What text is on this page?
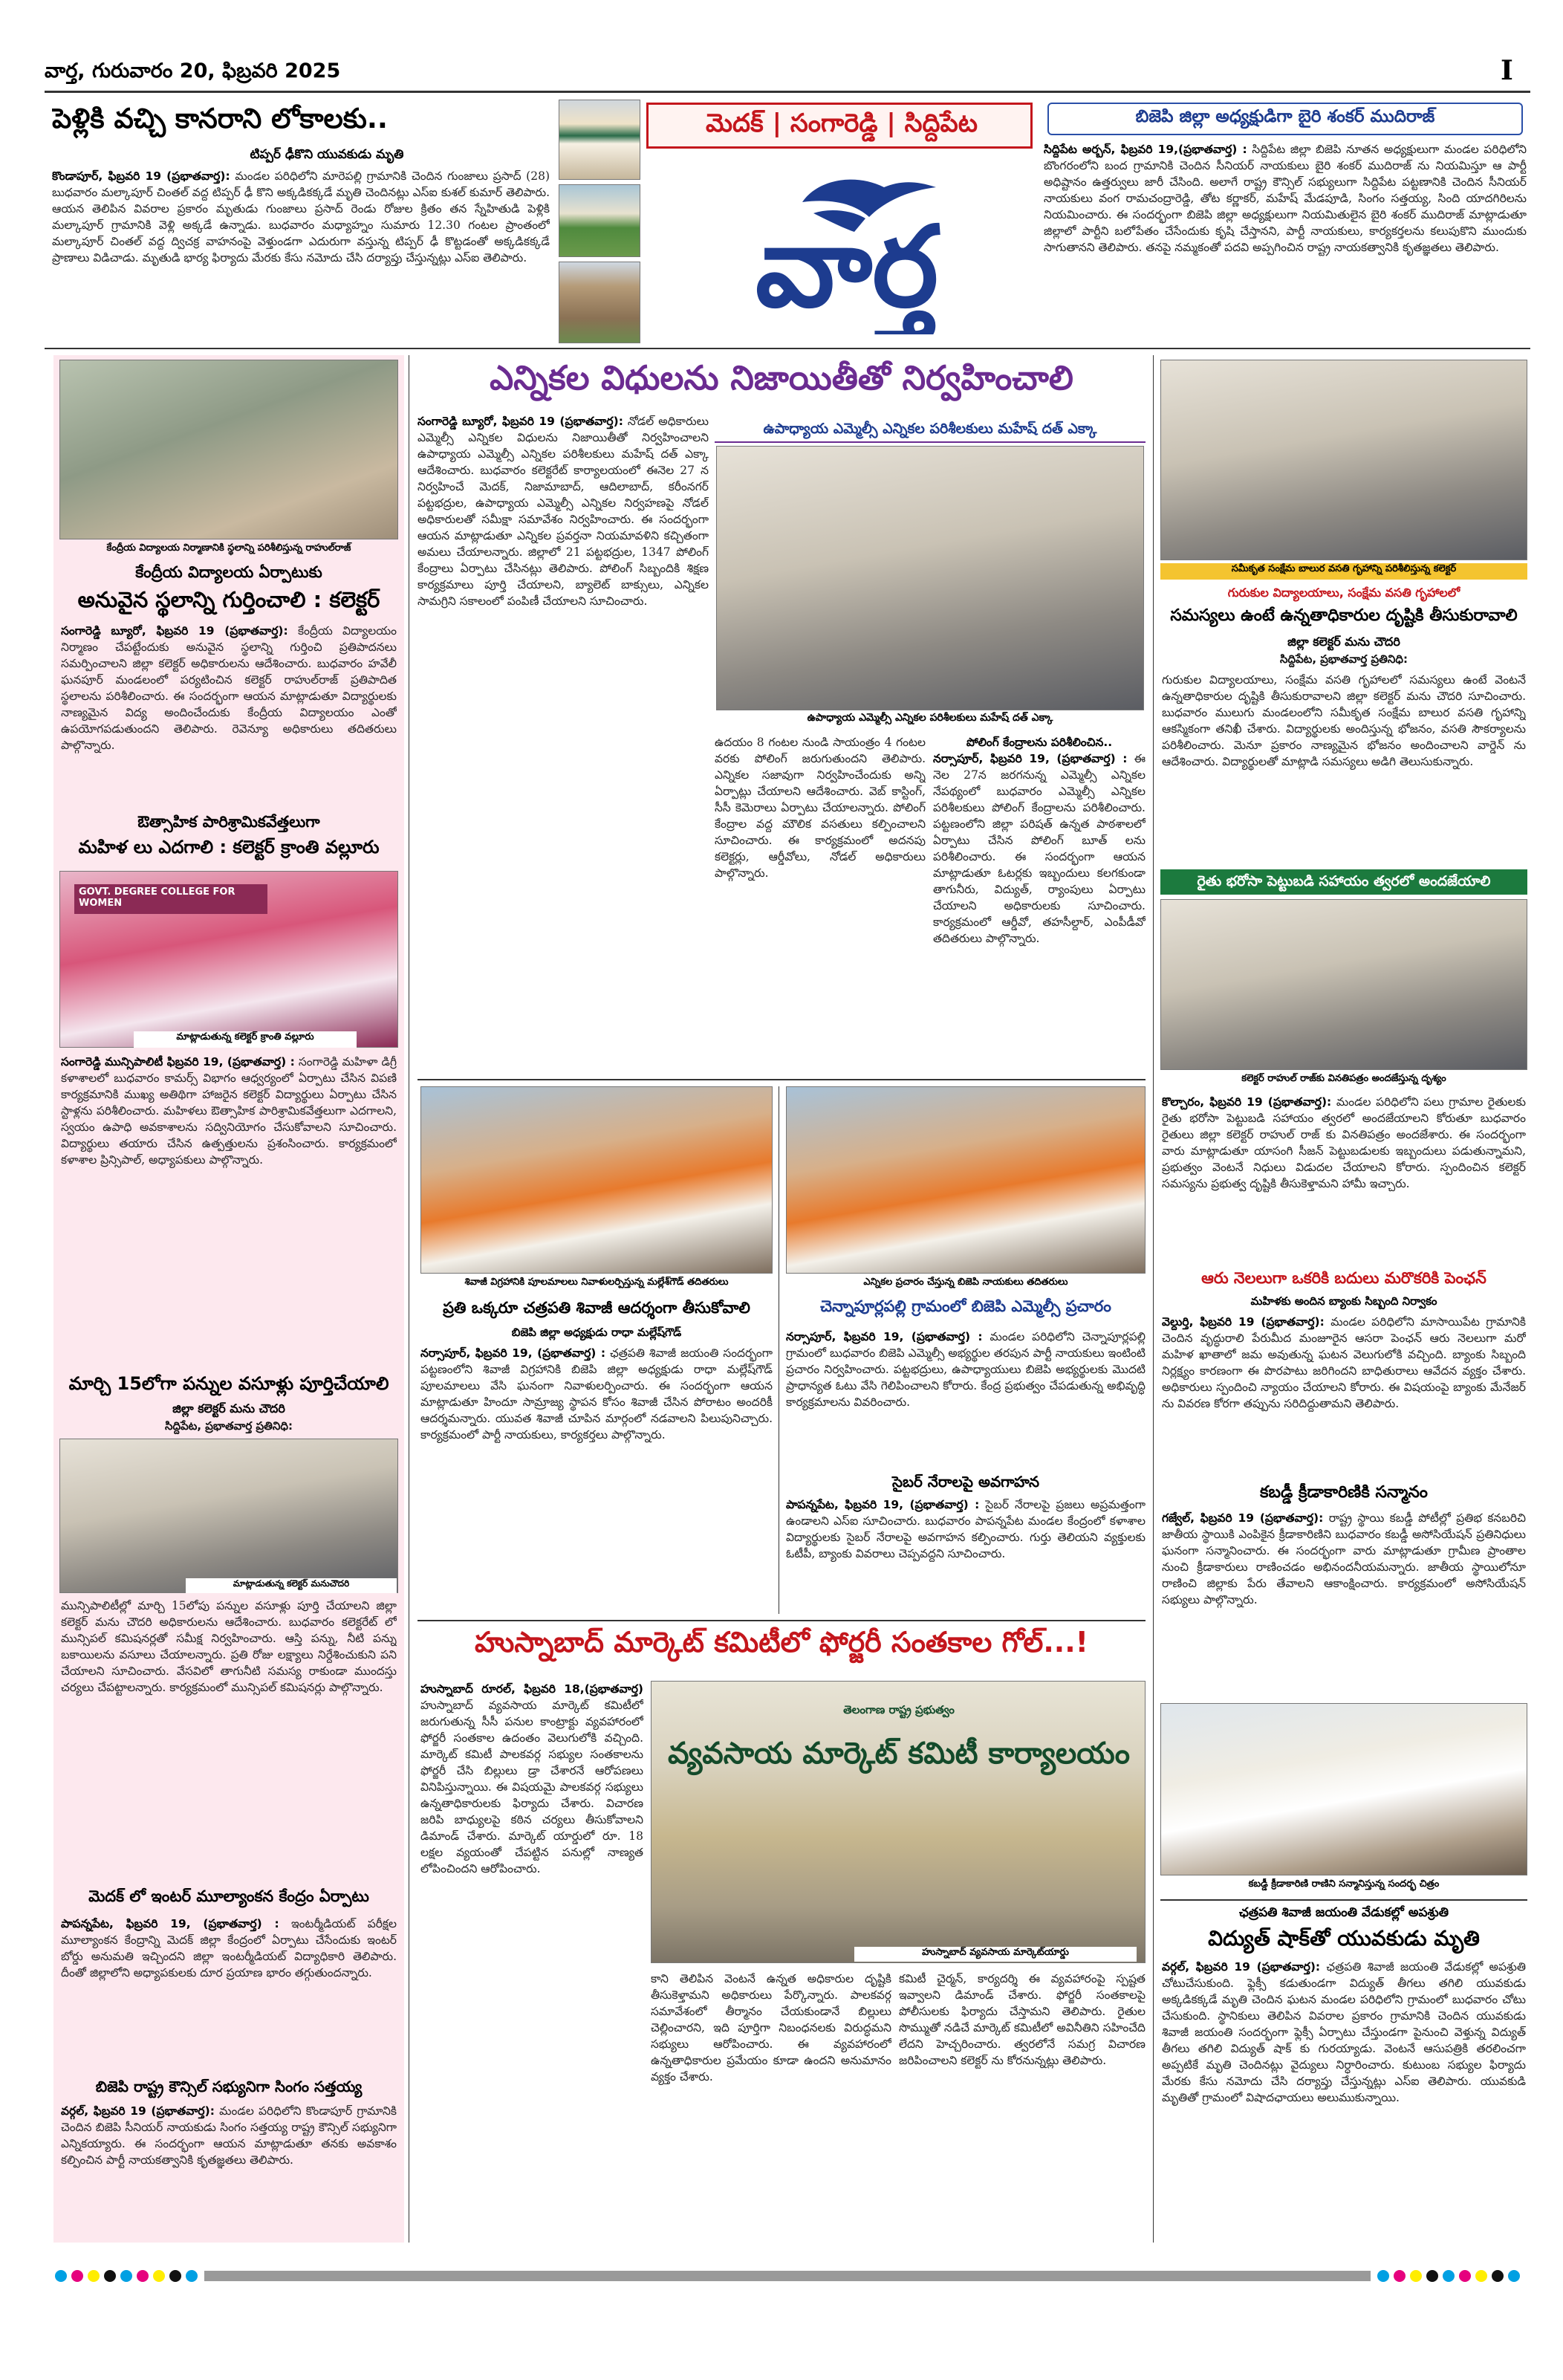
వార్త, గురువారం 20, ఫిబ్రవరి 2025	I
పెళ్లికి వచ్చి కానరాని లోకాలకు..
టిప్పర్ ఢీకొని యువకుడు మృతి
కొండాపూర్, ఫిబ్రవరి 19 (ప్రభాతవార్త): మండల పరిధిలోని మారెపల్లి గ్రామానికి చెందిన గుంజాలు ప్రసాద్ (28) బుధవారం మల్కాపూర్ చింతల్ వద్ద టిప్పర్ ఢీ కొని అక్కడికక్కడే మృతి చెందినట్లు ఎస్ఐ కుశల్ కుమార్ తెలిపారు. ఆయన తెలిపిన వివరాల ప్రకారం మృతుడు గుంజాలు ప్రసాద్ రెండు రోజుల క్రితం తన స్నేహితుడి పెళ్లికి మల్కాపూర్ గ్రామానికి వెళ్లి అక్కడే ఉన్నాడు. బుధవారం మధ్యాహ్నం సుమారు 12.30 గంటల ప్రాంతంలో మల్కాపూర్ చింతల్ వద్ద ద్విచక్ర వాహనంపై వెళ్తుండగా ఎదురుగా వస్తున్న టిప్పర్ ఢీ కొట్టడంతో అక్కడికక్కడే ప్రాణాలు విడిచాడు. మృతుడి భార్య ఫిర్యాదు మేరకు కేసు నమోదు చేసి దర్యాప్తు చేస్తున్నట్లు ఎస్ఐ తెలిపారు.
మెదక్ | సంగారెడ్డి | సిద్దిపేట
వార్త
బిజెపి జిల్లా అధ్యక్షుడిగా బైరి శంకర్ ముదిరాజ్
సిద్దిపేట అర్బన్, ఫిబ్రవరి 19,(ప్రభాతవార్త) : సిద్దిపేట జిల్లా బిజెపి నూతన అధ్యక్షులుగా మండల పరిధిలోని బొంగరంలోని బంద గ్రామానికి చెందిన సీనియర్ నాయకులు బైరి శంకర్ ముదిరాజ్ ను నియమిస్తూ ఆ పార్టీ అధిష్టానం ఉత్తర్వులు జారీ చేసింది. అలాగే రాష్ట్ర కౌన్సిల్ సభ్యులుగా సిద్దిపేట పట్టణానికి చెందిన సీనియర్ నాయకులు వంగ రామచంద్రారెడ్డి, తోట కర్ణాకర్, మహేష్ మేడపూడి, సింగం సత్తయ్య, సింది యాదగిరిలను నియమించారు. ఈ సందర్భంగా బిజెపి జిల్లా అధ్యక్షులుగా నియమితులైన బైరి శంకర్ ముదిరాజ్ మాట్లాడుతూ జిల్లాలో పార్టీని బలోపేతం చేసేందుకు కృషి చేస్తానని, పార్టీ నాయకులు, కార్యకర్తలను కలుపుకొని ముందుకు సాగుతానని తెలిపారు. తనపై నమ్మకంతో పదవి అప్పగించిన రాష్ట్ర నాయకత్వానికి కృతజ్ఞతలు తెలిపారు.
కేంద్రీయ విద్యాలయ నిర్మాణానికి స్థలాన్ని పరిశీలిస్తున్న రాహుల్‌రాజ్
కేంద్రీయ విద్యాలయ ఏర్పాటుకు
అనువైన స్థలాన్ని గుర్తించాలి : కలెక్టర్
సంగారెడ్డి బ్యూరో, ఫిబ్రవరి 19 (ప్రభాతవార్త): కేంద్రీయ విద్యాలయం నిర్మాణం చేపట్టేందుకు అనువైన స్థలాన్ని గుర్తించి ప్రతిపాదనలు సమర్పించాలని జిల్లా కలెక్టర్ అధికారులను ఆదేశించారు. బుధవారం హవేలీ ఘనపూర్ మండలంలో పర్యటించిన కలెక్టర్ రాహుల్‌రాజ్ ప్రతిపాదిత స్థలాలను పరిశీలించారు. ఈ సందర్భంగా ఆయన మాట్లాడుతూ విద్యార్థులకు నాణ్యమైన విద్య అందించేందుకు కేంద్రీయ విద్యాలయం ఎంతో ఉపయోగపడుతుందని తెలిపారు. రెవెన్యూ అధికారులు తదితరులు పాల్గొన్నారు.
ఔత్సాహిక పారిశ్రామికవేత్తలుగా
మహిళ లు ఎదగాలి : కలెక్టర్ క్రాంతి వల్లూరు
GOVT. DEGREE COLLEGE FOR WOMEN
మాట్లాడుతున్న కలెక్టర్ క్రాంతి వల్లూరు
సంగారెడ్డి మున్సిపాలిటీ ఫిబ్రవరి 19, (ప్రభాతవార్త) : సంగారెడ్డి మహిళా డిగ్రీ కళాశాలలో బుధవారం కామర్స్ విభాగం ఆధ్వర్యంలో ఏర్పాటు చేసిన విపణి కార్యక్రమానికి ముఖ్య అతిథిగా హాజరైన కలెక్టర్ విద్యార్థులు ఏర్పాటు చేసిన స్టాళ్లను పరిశీలించారు. మహిళలు ఔత్సాహిక పారిశ్రామికవేత్తలుగా ఎదగాలని, స్వయం ఉపాధి అవకాశాలను సద్వినియోగం చేసుకోవాలని సూచించారు. విద్యార్థులు తయారు చేసిన ఉత్పత్తులను ప్రశంసించారు. కార్యక్రమంలో కళాశాల ప్రిన్సిపాల్, అధ్యాపకులు పాల్గొన్నారు.
మార్చి 15లోగా పన్నుల వసూళ్లు పూర్తిచేయాలి
జిల్లా కలెక్టర్ మను చౌదరి
సిద్దిపేట, ప్రభాతవార్త ప్రతినిధి:
మాట్లాడుతున్న కలెక్టర్ మనుచౌదరి
మున్సిపాలిటీల్లో మార్చి 15లోపు పన్నుల వసూళ్లు పూర్తి చేయాలని జిల్లా కలెక్టర్ మను చౌదరి అధికారులను ఆదేశించారు. బుధవారం కలెక్టరేట్ లో మున్సిపల్ కమిషనర్లతో సమీక్ష నిర్వహించారు. ఆస్తి పన్ను, నీటి పన్ను బకాయిలను వసూలు చేయాలన్నారు. ప్రతి రోజు లక్ష్యాలు నిర్దేశించుకుని పని చేయాలని సూచించారు. వేసవిలో తాగునీటి సమస్య రాకుండా ముందస్తు చర్యలు చేపట్టాలన్నారు. కార్యక్రమంలో మున్సిపల్ కమిషనర్లు పాల్గొన్నారు.
మెదక్ లో ఇంటర్ మూల్యాంకన కేంద్రం ఏర్పాటు
పాపన్నపేట, ఫిబ్రవరి 19, (ప్రభాతవార్త) : ఇంటర్మీడియట్ పరీక్షల మూల్యాంకన కేంద్రాన్ని మెదక్ జిల్లా కేంద్రంలో ఏర్పాటు చేసేందుకు ఇంటర్ బోర్డు అనుమతి ఇచ్చిందని జిల్లా ఇంటర్మీడియట్ విద్యాధికారి తెలిపారు. దీంతో జిల్లాలోని అధ్యాపకులకు దూర ప్రయాణ భారం తగ్గుతుందన్నారు.
బిజెపి రాష్ట్ర కౌన్సిల్ సభ్యునిగా సింగం సత్తయ్య
వర్గల్, ఫిబ్రవరి 19 (ప్రభాతవార్త): మండల పరిధిలోని కొండాపూర్ గ్రామానికి చెందిన బిజెపి సీనియర్ నాయకుడు సింగం సత్తయ్య రాష్ట్ర కౌన్సిల్ సభ్యునిగా ఎన్నికయ్యారు. ఈ సందర్భంగా ఆయన మాట్లాడుతూ తనకు అవకాశం కల్పించిన పార్టీ నాయకత్వానికి కృతజ్ఞతలు తెలిపారు.
ఎన్నికల విధులను నిజాయితీతో నిర్వహించాలి
సంగారెడ్డి బ్యూరో, ఫిబ్రవరి 19 (ప్రభాతవార్త): నోడల్ అధికారులు ఎమ్మెల్సీ ఎన్నికల విధులను నిజాయితీతో నిర్వహించాలని ఉపాధ్యాయ ఎమ్మెల్సీ ఎన్నికల పరిశీలకులు మహేష్ దత్ ఎక్కా ఆదేశించారు. బుధవారం కలెక్టరేట్ కార్యాలయంలో ఈనెల 27 న నిర్వహించే మెదక్, నిజామాబాద్, ఆదిలాబాద్, కరీంనగర్ పట్టభద్రుల, ఉపాధ్యాయ ఎమ్మెల్సీ ఎన్నికల నిర్వహణపై నోడల్ అధికారులతో సమీక్షా సమావేశం నిర్వహించారు. ఈ సందర్భంగా ఆయన మాట్లాడుతూ ఎన్నికల ప్రవర్తనా నియమావళిని కచ్చితంగా అమలు చేయాలన్నారు. జిల్లాలో 21 పట్టభద్రుల, 1347 పోలింగ్ కేంద్రాలు ఏర్పాటు చేసినట్లు తెలిపారు. పోలింగ్ సిబ్బందికి శిక్షణ కార్యక్రమాలు పూర్తి చేయాలని, బ్యాలెట్ బాక్సులు, ఎన్నికల సామగ్రిని సకాలంలో పంపిణీ చేయాలని సూచించారు.
ఉపాధ్యాయ ఎమ్మెల్సీ ఎన్నికల పరిశీలకులు మహేష్ దత్ ఎక్కా
ఉపాధ్యాయ ఎమ్మెల్సీ ఎన్నికల పరిశీలకులు మహేష్ దత్ ఎక్కా
ఉదయం 8 గంటల నుండి సాయంత్రం 4 గంటల వరకు పోలింగ్ జరుగుతుందని తెలిపారు. ఎన్నికల సజావుగా నిర్వహించేందుకు అన్ని ఏర్పాట్లు చేయాలని ఆదేశించారు. వెబ్ కాస్టింగ్, సీసీ కెమెరాలు ఏర్పాటు చేయాలన్నారు. పోలింగ్ కేంద్రాల వద్ద మౌలిక వసతులు కల్పించాలని సూచించారు. ఈ కార్యక్రమంలో అదనపు కలెక్టర్లు, ఆర్డీవోలు, నోడల్ అధికారులు పాల్గొన్నారు.
పోలింగ్ కేంద్రాలను పరిశీలించిన..
నర్సాపూర్, ఫిబ్రవరి 19, (ప్రభాతవార్త) : ఈ నెల 27న జరగనున్న ఎమ్మెల్సీ ఎన్నికల నేపథ్యంలో బుధవారం ఎమ్మెల్సీ ఎన్నికల పరిశీలకులు పోలింగ్ కేంద్రాలను పరిశీలించారు. పట్టణంలోని జిల్లా పరిషత్ ఉన్నత పాఠశాలలో ఏర్పాటు చేసిన పోలింగ్ బూత్ లను పరిశీలించారు. ఈ సందర్భంగా ఆయన మాట్లాడుతూ ఓటర్లకు ఇబ్బందులు కలగకుండా తాగునీరు, విద్యుత్, ర్యాంపులు ఏర్పాటు చేయాలని అధికారులకు సూచించారు. కార్యక్రమంలో ఆర్డీవో, తహసీల్దార్, ఎంపీడీవో తదితరులు పాల్గొన్నారు.
శివాజీ విగ్రహానికి పూలమాలలు నివాళులర్పిస్తున్న మల్లేశ్‌గౌడ్ తదితరులు
ప్రతి ఒక్కరూ చత్రపతి శివాజీ ఆదర్శంగా తీసుకోవాలి
బిజెపి జిల్లా అధ్యక్షుడు రాధా మల్లేష్‌గౌడ్
నర్సాపూర్, ఫిబ్రవరి 19, (ప్రభాతవార్త) : ఛత్రపతి శివాజీ జయంతి సందర్భంగా పట్టణంలోని శివాజీ విగ్రహానికి బిజెపి జిల్లా అధ్యక్షుడు రాధా మల్లేష్‌గౌడ్ పూలమాలలు వేసి ఘనంగా నివాళులర్పించారు. ఈ సందర్భంగా ఆయన మాట్లాడుతూ హిందూ సామ్రాజ్య స్థాపన కోసం శివాజీ చేసిన పోరాటం అందరికీ ఆదర్శమన్నారు. యువత శివాజీ చూపిన మార్గంలో నడవాలని పిలుపునిచ్చారు. కార్యక్రమంలో పార్టీ నాయకులు, కార్యకర్తలు పాల్గొన్నారు.
ఎన్నికల ప్రచారం చేస్తున్న బిజెపి నాయకులు తదితరులు
చెన్నాపూర్లపల్లి గ్రామంలో బిజెపి ఎమ్మెల్సీ ప్రచారం
నర్సాపూర్, ఫిబ్రవరి 19, (ప్రభాతవార్త) : మండల పరిధిలోని చెన్నాపూర్లపల్లి గ్రామంలో బుధవారం బిజెపి ఎమ్మెల్సీ అభ్యర్థుల తరపున పార్టీ నాయకులు ఇంటింటి ప్రచారం నిర్వహించారు. పట్టభద్రులు, ఉపాధ్యాయులు బిజెపి అభ్యర్థులకు మొదటి ప్రాధాన్యత ఓటు వేసి గెలిపించాలని కోరారు. కేంద్ర ప్రభుత్వం చేపడుతున్న అభివృద్ధి కార్యక్రమాలను వివరించారు.
సైబర్ నేరాలపై అవగాహన
పాపన్నపేట, ఫిబ్రవరి 19, (ప్రభాతవార్త) : సైబర్ నేరాలపై ప్రజలు అప్రమత్తంగా ఉండాలని ఎస్ఐ సూచించారు. బుధవారం పాపన్నపేట మండల కేంద్రంలో కళాశాల విద్యార్థులకు సైబర్ నేరాలపై అవగాహన కల్పించారు. గుర్తు తెలియని వ్యక్తులకు ఓటీపీ, బ్యాంకు వివరాలు చెప్పవద్దని సూచించారు.
హుస్నాబాద్ మార్కెట్ కమిటీలో ఫోర్జరీ సంతకాల గోల్...!
హుస్నాబాద్ రూరల్, ఫిబ్రవరి 18,(ప్రభాతవార్త) హుస్నాబాద్ వ్యవసాయ మార్కెట్ కమిటీలో జరుగుతున్న సీసీ పనుల కాంట్రాక్టు వ్యవహారంలో ఫోర్జరీ సంతకాల ఉదంతం వెలుగులోకి వచ్చింది. మార్కెట్ కమిటీ పాలకవర్గ సభ్యుల సంతకాలను ఫోర్జరీ చేసి బిల్లులు డ్రా చేశారనే ఆరోపణలు వినిపిస్తున్నాయి. ఈ విషయమై పాలకవర్గ సభ్యులు ఉన్నతాధికారులకు ఫిర్యాదు చేశారు. విచారణ జరిపి బాధ్యులపై కఠిన చర్యలు తీసుకోవాలని డిమాండ్ చేశారు. మార్కెట్ యార్డులో రూ. 18 లక్షల వ్యయంతో చేపట్టిన పనుల్లో నాణ్యత లోపించిందని ఆరోపించారు.
తెలంగాణ రాష్ట్ర ప్రభుత్వం
వ్యవసాయ మార్కెట్ కమిటీ కార్యాలయం
హుస్నాబాద్ వ్యవసాయ మార్కెట్‌యార్డు
కాని తెలిపిన వెంటనే ఉన్నత అధికారుల దృష్టికి తీసుకెళ్తామని అధికారులు పేర్కొన్నారు. పాలకవర్గ సమావేశంలో తీర్మానం చేయకుండానే బిల్లులు చెల్లించారని, ఇది పూర్తిగా నిబంధనలకు విరుద్ధమని సభ్యులు ఆరోపించారు. ఈ వ్యవహారంలో ఉన్నతాధికారుల ప్రమేయం కూడా ఉందని అనుమానం వ్యక్తం చేశారు.
కమిటీ చైర్మన్, కార్యదర్శి ఈ వ్యవహారంపై స్పష్టత ఇవ్వాలని డిమాండ్ చేశారు. ఫోర్జరీ సంతకాలపై పోలీసులకు ఫిర్యాదు చేస్తామని తెలిపారు. రైతుల సొమ్ముతో నడిచే మార్కెట్ కమిటీలో అవినీతిని సహించేది లేదని హెచ్చరించారు. త్వరలోనే సమగ్ర విచారణ జరిపించాలని కలెక్టర్ ను కోరనున్నట్లు తెలిపారు.
సమీకృత సంక్షేమ బాలుర వసతి గృహాన్ని పరిశీలిస్తున్న కలెక్టర్
గురుకుల విద్యాలయాలు, సంక్షేమ వసతి గృహాలలో
సమస్యలు ఉంటే ఉన్నతాధికారుల దృష్టికి తీసుకురావాలి
జిల్లా కలెక్టర్ మను చౌదరి
సిద్దిపేట, ప్రభాతవార్త ప్రతినిధి:
గురుకుల విద్యాలయాలు, సంక్షేమ వసతి గృహాలలో సమస్యలు ఉంటే వెంటనే ఉన్నతాధికారుల దృష్టికి తీసుకురావాలని జిల్లా కలెక్టర్ మను చౌదరి సూచించారు. బుధవారం ములుగు మండలంలోని సమీకృత సంక్షేమ బాలుర వసతి గృహాన్ని ఆకస్మికంగా తనిఖీ చేశారు. విద్యార్థులకు అందిస్తున్న భోజనం, వసతి సౌకర్యాలను పరిశీలించారు. మెనూ ప్రకారం నాణ్యమైన భోజనం అందించాలని వార్డెన్ ను ఆదేశించారు. విద్యార్థులతో మాట్లాడి సమస్యలు అడిగి తెలుసుకున్నారు.
రైతు భరోసా పెట్టుబడి సహాయం త్వరలో అందజేయాలి
కలెక్టర్ రాహుల్ రాజ్‌కు వినతిపత్రం అందజేస్తున్న దృశ్యం
కొల్చారం, ఫిబ్రవరి 19 (ప్రభాతవార్త): మండల పరిధిలోని పలు గ్రామాల రైతులకు రైతు భరోసా పెట్టుబడి సహాయం త్వరలో అందజేయాలని కోరుతూ బుధవారం రైతులు జిల్లా కలెక్టర్ రాహుల్ రాజ్ కు వినతిపత్రం అందజేశారు. ఈ సందర్భంగా వారు మాట్లాడుతూ యాసంగి సీజన్ పెట్టుబడులకు ఇబ్బందులు పడుతున్నామని, ప్రభుత్వం వెంటనే నిధులు విడుదల చేయాలని కోరారు. స్పందించిన కలెక్టర్ సమస్యను ప్రభుత్వ దృష్టికి తీసుకెళ్తామని హామీ ఇచ్చారు.
ఆరు నెలలుగా ఒకరికి బదులు మరొకరికి పెంఛన్
మహిళకు అందిన బ్యాంకు సిబ్బంది నిర్వాకం
వెల్దుర్తి, ఫిబ్రవరి 19 (ప్రభాతవార్త): మండల పరిధిలోని మాసాయిపేట గ్రామానికి చెందిన వృద్ధురాలి పేరుమీద మంజూరైన ఆసరా పెంఛన్ ఆరు నెలలుగా మరో మహిళ ఖాతాలో జమ అవుతున్న ఘటన వెలుగులోకి వచ్చింది. బ్యాంకు సిబ్బంది నిర్లక్ష్యం కారణంగా ఈ పొరపాటు జరిగిందని బాధితురాలు ఆవేదన వ్యక్తం చేశారు. అధికారులు స్పందించి న్యాయం చేయాలని కోరారు. ఈ విషయంపై బ్యాంకు మేనేజర్ ను వివరణ కోరగా తప్పును సరిదిద్దుతామని తెలిపారు.
కబడ్డీ క్రీడాకారిణికి సన్మానం
గజ్వేల్, ఫిబ్రవరి 19 (ప్రభాతవార్త): రాష్ట్ర స్థాయి కబడ్డీ పోటీల్లో ప్రతిభ కనబరిచి జాతీయ స్థాయికి ఎంపికైన క్రీడాకారిణిని బుధవారం కబడ్డీ అసోసియేషన్ ప్రతినిధులు ఘనంగా సన్మానించారు. ఈ సందర్భంగా వారు మాట్లాడుతూ గ్రామీణ ప్రాంతాల నుంచి క్రీడాకారులు రాణించడం అభినందనీయమన్నారు. జాతీయ స్థాయిలోనూ రాణించి జిల్లాకు పేరు తేవాలని ఆకాంక్షించారు. కార్యక్రమంలో అసోసియేషన్ సభ్యులు పాల్గొన్నారు.
కబడ్డీ క్రీడాకారిణి రాణిని సన్మానిస్తున్న సందర్భ చిత్రం
ఛత్రపతి శివాజీ జయంతి వేడుకల్లో అపశ్రుతి
విద్యుత్ షాక్‌తో యువకుడు మృతి
వర్గల్, ఫిబ్రవరి 19 (ప్రభాతవార్త): ఛత్రపతి శివాజీ జయంతి వేడుకల్లో అపశ్రుతి చోటుచేసుకుంది. ఫ్లెక్సీ కడుతుండగా విద్యుత్ తీగలు తగిలి యువకుడు అక్కడికక్కడే మృతి చెందిన ఘటన మండల పరిధిలోని గ్రామంలో బుధవారం చోటు చేసుకుంది. స్థానికులు తెలిపిన వివరాల ప్రకారం గ్రామానికి చెందిన యువకుడు శివాజీ జయంతి సందర్భంగా ఫ్లెక్సీ ఏర్పాటు చేస్తుండగా పైనుంచి వెళ్తున్న విద్యుత్ తీగలు తగిలి విద్యుత్ షాక్ కు గురయ్యాడు. వెంటనే ఆసుపత్రికి తరలించగా అప్పటికే మృతి చెందినట్లు వైద్యులు నిర్ధారించారు. కుటుంబ సభ్యుల ఫిర్యాదు మేరకు కేసు నమోదు చేసి దర్యాప్తు చేస్తున్నట్లు ఎస్ఐ తెలిపారు. యువకుడి మృతితో గ్రామంలో విషాదఛాయలు అలుముకున్నాయి.
